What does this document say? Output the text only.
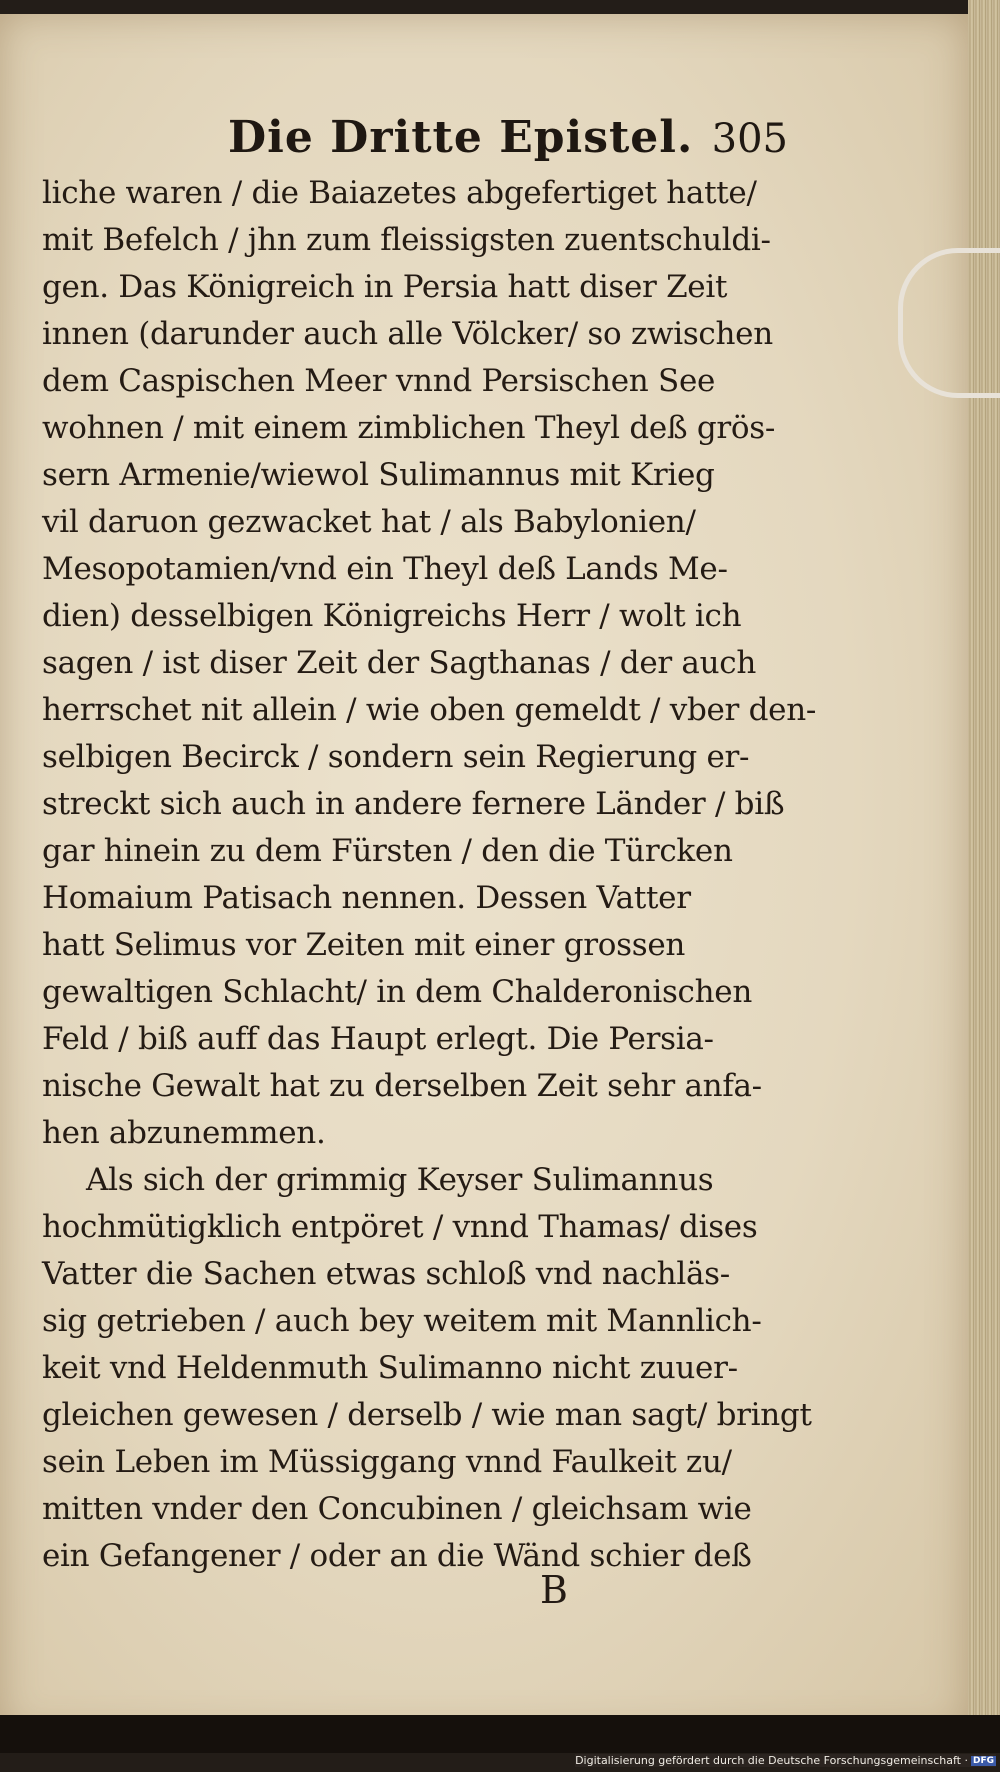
Die Dritte Epistel. 305
liche waren / die Baiazetes abgefertiget hatte/
mit Befelch / jhn zum fleissigsten zuentschuldi-
gen. Das Königreich in Persia hatt diser Zeit
innen (darunder auch alle Völcker/ so zwischen
dem Caspischen Meer vnnd Persischen See
wohnen / mit einem zimblichen Theyl deß grös-
sern Armenie/wiewol Sulimannus mit Krieg
vil daruon gezwacket hat / als Babylonien/
Mesopotamien/vnd ein Theyl deß Lands Me-
dien) desselbigen Königreichs Herr / wolt ich
sagen / ist diser Zeit der Sagthanas / der auch
herrschet nit allein / wie oben gemeldt / vber den-
selbigen Becirck / sondern sein Regierung er-
streckt sich auch in andere fernere Länder / biß
gar hinein zu dem Fürsten / den die Türcken
Homaium Patisach nennen. Dessen Vatter
hatt Selimus vor Zeiten mit einer grossen
gewaltigen Schlacht/ in dem Chalderonischen
Feld / biß auff das Haupt erlegt. Die Persia-
nische Gewalt hat zu derselben Zeit sehr anfa-
hen abzunemmen.
Als sich der grimmig Keyser Sulimannus
hochmütigklich entpöret / vnnd Thamas/ dises
Vatter die Sachen etwas schloß vnd nachläs-
sig getrieben / auch bey weitem mit Mannlich-
keit vnd Heldenmuth Sulimanno nicht zuuer-
gleichen gewesen / derselb / wie man sagt/ bringt
sein Leben im Müssiggang vnnd Faulkeit zu/
mitten vnder den Concubinen / gleichsam wie
ein Gefangener / oder an die Wänd schier deß
B
Digitalisierung gefördert durch die Deutsche Forschungsgemeinschaft · DFG
